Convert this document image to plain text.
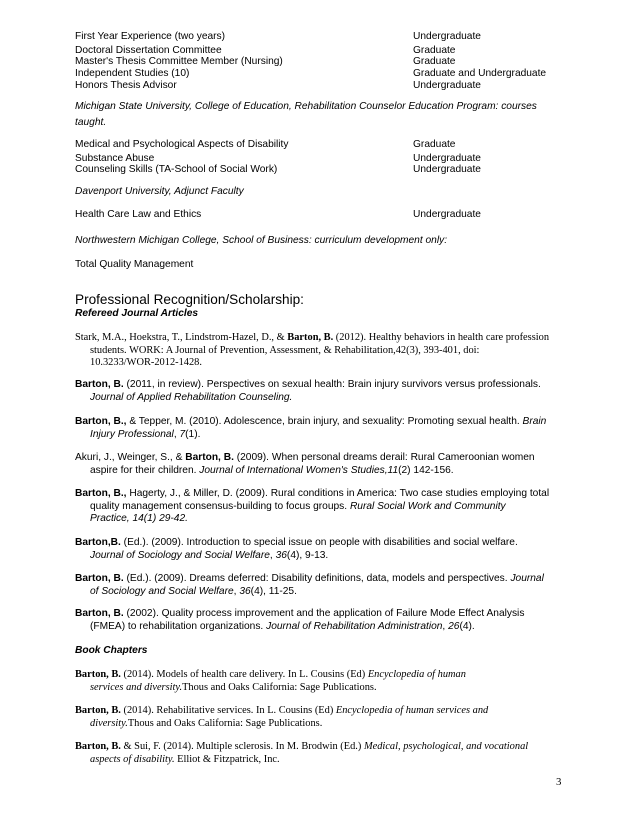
First Year Experience (two years)	Undergraduate
Doctoral Dissertation Committee	Graduate
Master's Thesis Committee Member (Nursing)	Graduate
Independent Studies (10)	Graduate and Undergraduate
Honors Thesis Advisor	Undergraduate
Michigan State University, College of Education, Rehabilitation Counselor Education Program: courses
taught.
Medical and Psychological Aspects of Disability	Graduate
Substance Abuse	Undergraduate
Counseling Skills (TA-School of Social Work)	Undergraduate
Davenport University, Adjunct Faculty
Health Care Law and Ethics	Undergraduate
Northwestern Michigan College, School of Business: curriculum development only:
Total Quality Management
Professional Recognition/Scholarship:
Refereed Journal Articles
Stark, M.A., Hoekstra, T., Lindstrom-Hazel, D., & Barton, B. (2012). Healthy behaviors in health care profession
students. WORK: A Journal of Prevention, Assessment, & Rehabilitation,42(3), 393-401, doi:
10.3233/WOR-2012-1428.
Barton, B. (2011, in review). Perspectives on sexual health: Brain injury survivors versus professionals.
Journal of Applied Rehabilitation Counseling.
Barton, B., & Tepper, M. (2010). Adolescence, brain injury, and sexuality: Promoting sexual health. Brain
Injury Professional, 7(1).
Akuri, J., Weinger, S., & Barton, B. (2009). When personal dreams derail: Rural Cameroonian women
aspire for their children. Journal of International Women's Studies,11(2) 142-156.
Barton, B., Hagerty, J., & Miller, D. (2009). Rural conditions in America: Two case studies employing total
quality management consensus-building to focus groups. Rural Social Work and Community
Practice, 14(1) 29-42.
Barton,B. (Ed.). (2009). Introduction to special issue on people with disabilities and social welfare.
Journal of Sociology and Social Welfare, 36(4), 9-13.
Barton, B. (Ed.). (2009). Dreams deferred: Disability definitions, data, models and perspectives. Journal
of Sociology and Social Welfare, 36(4), 11-25.
Barton, B. (2002). Quality process improvement and the application of Failure Mode Effect Analysis
(FMEA) to rehabilitation organizations. Journal of Rehabilitation Administration, 26(4).
Book Chapters
Barton, B. (2014). Models of health care delivery. In L. Cousins (Ed) Encyclopedia of human
services and diversity.Thous and Oaks California: Sage Publications.
Barton, B. (2014). Rehabilitative services. In L. Cousins (Ed) Encyclopedia of human services and
diversity.Thous and Oaks California: Sage Publications.
Barton, B. & Sui, F. (2014). Multiple sclerosis. In M. Brodwin (Ed.) Medical, psychological, and vocational
aspects of disability. Elliot & Fitzpatrick, Inc.
3
